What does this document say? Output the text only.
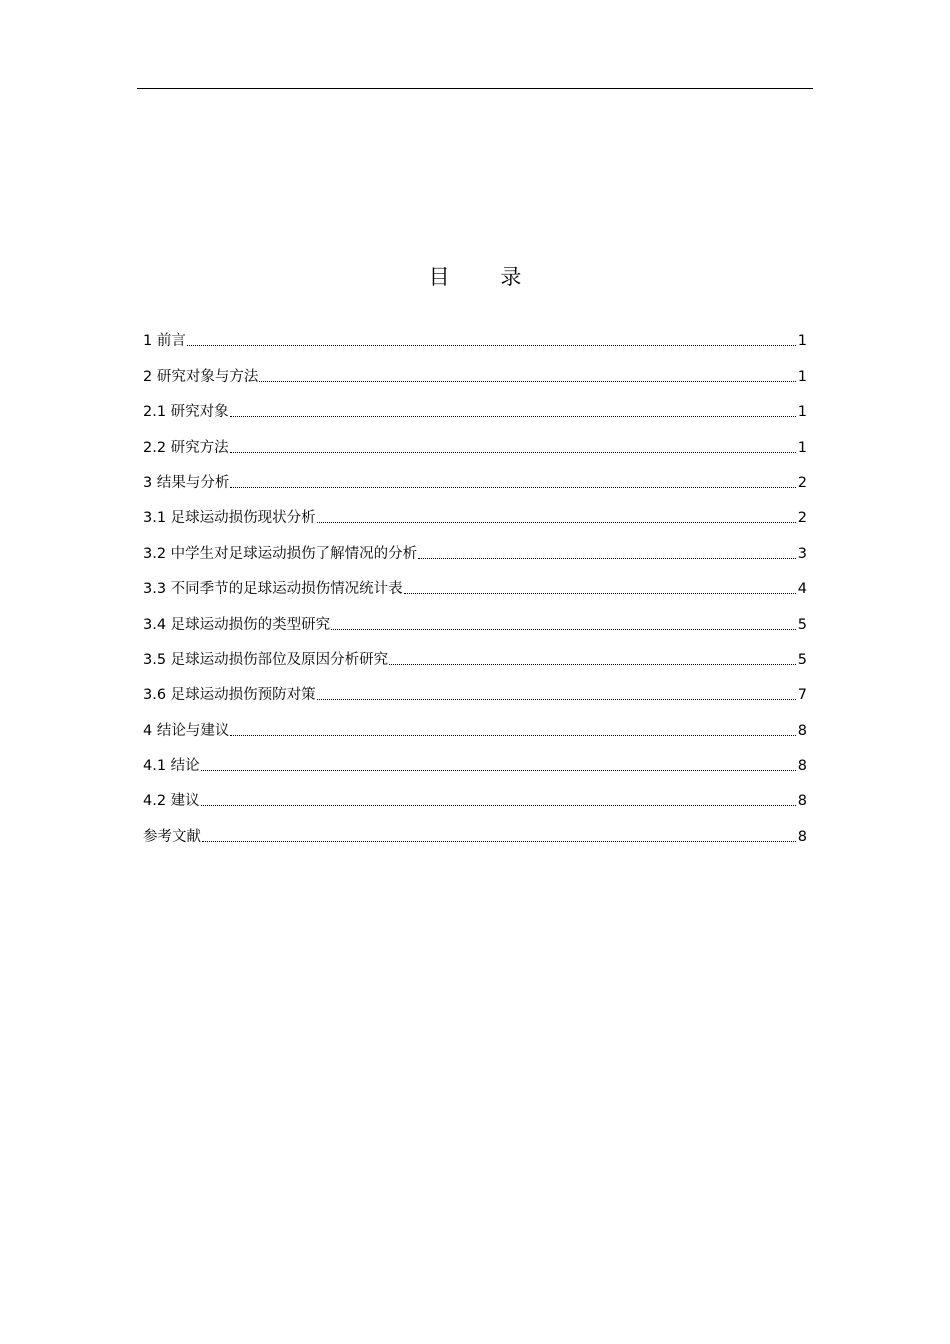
目 录
1 前言	1
2 研究对象与方法	1
2.1 研究对象	1
2.2 研究方法	1
3 结果与分析	2
3.1 足球运动损伤现状分析	2
3.2 中学生对足球运动损伤了解情况的分析	3
3.3 不同季节的足球运动损伤情况统计表	4
3.4 足球运动损伤的类型研究	5
3.5 足球运动损伤部位及原因分析研究	5
3.6 足球运动损伤预防对策	7
4 结论与建议	8
4.1 结论	8
4.2 建议	8
参考文献	8
